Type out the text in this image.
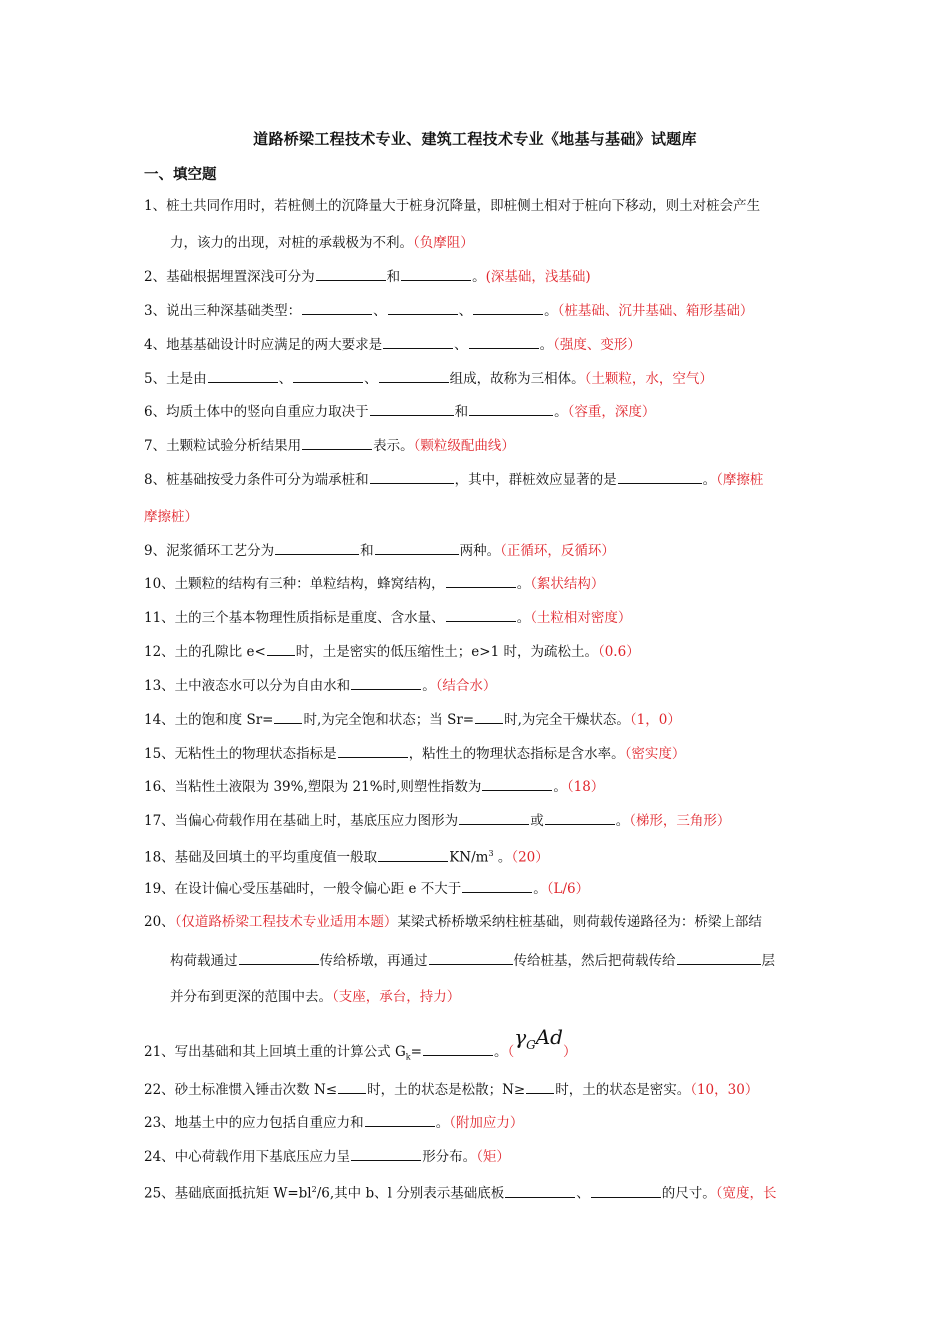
道路桥梁工程技术专业、建筑工程技术专业《地基与基础》试题库
一、填空题
1、桩土共同作用时，若桩侧土的沉降量大于桩身沉降量，即桩侧土相对于桩向下移动，则土对桩会产生
力，该力的出现，对桩的承载极为不利。（负摩阻）
2、基础根据埋置深浅可分为	和	。(深基础，浅基础)
3、说出三种深基础类型：	、	、	。（桩基础、沉井基础、箱形基础）
4、地基基础设计时应满足的两大要求是	、	。（强度、变形）
5、土是由	、	、	组成，故称为三相体。（土颗粒，水，空气）
6、均质土体中的竖向自重应力取决于	和	。（容重，深度）
7、土颗粒试验分析结果用	表示。（颗粒级配曲线）
8、桩基础按受力条件可分为端承桩和	，其中，群桩效应显著的是	。（摩擦桩
摩擦桩）
9、泥浆循环工艺分为	和	两种。（正循环，反循环）
10、土颗粒的结构有三种：单粒结构，蜂窝结构，	。（絮状结构）
11、土的三个基本物理性质指标是重度、含水量、	。（土粒相对密度）
12、土的孔隙比 e< 时，土是密实的低压缩性土；e>1 时，为疏松土。（0.6）
13、土中液态水可以分为自由水和	。（结合水）
14、土的饱和度 Sr= 时,为完全饱和状态；当 Sr= 时,为完全干燥状态。（1，0）
15、无粘性土的物理状态指标是	，粘性土的物理状态指标是含水率。（密实度）
16、当粘性土液限为 39%,塑限为 21%时,则塑性指数为	。（18）
17、当偏心荷载作用在基础上时，基底压应力图形为	或	。（梯形，三角形）
18、基础及回填土的平均重度值一般取	$KN/m^3$ 。（20）
19、在设计偏心受压基础时，一般令偏心距 e 不大于	。（L/6）
20、（仅道路桥梁工程技术专业适用本题）某梁式桥桥墩采纳柱桩基础，则荷载传递路径为：桥梁上部结
构荷载通过	传给桥墩，再通过	传给桩基，然后把荷载传给	层
并分布到更深的范围中去。（支座，承台，持力）
21、写出基础和其上回填土重的计算公式 $G_k=$	。$(\gamma_GAd)$
22、砂土标准惯入锤击次数 N≤ 时，土的状态是松散；N≥ 时，土的状态是密实。（10，30）
23、地基土中的应力包括自重应力和	。（附加应力）
24、中心荷载作用下基底压应力呈	形分布。（矩）
25、基础底面抵抗矩 $W=bl^2/6$,其中 b、l 分别表示基础底板	、	的尺寸。（宽度，长
